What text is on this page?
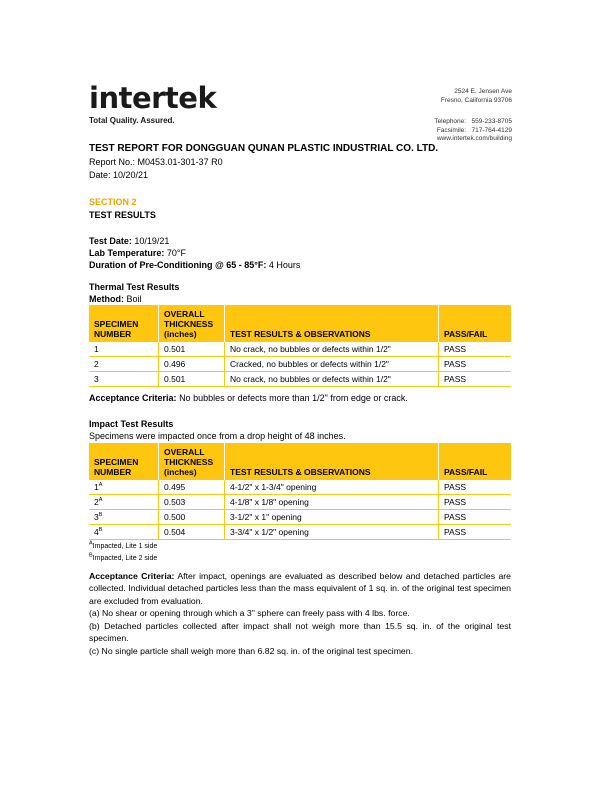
intertek
Total Quality. Assured.
2524 E. Jensen Ave
Fresno, California 93706
Telephone: 559-233-8705
Facsimile: 717-764-4129
www.intertek.com/building
TEST REPORT FOR DONGGUAN QUNAN PLASTIC INDUSTRIAL CO. LTD.
Report No.: M0453.01-301-37 R0
Date: 10/20/21
SECTION 2
TEST RESULTS
Test Date: 10/19/21
Lab Temperature: 70°F
Duration of Pre-Conditioning @ 65 - 85°F: 4 Hours
Thermal Test Results
Method: Boil
SPECIMEN NUMBER	OVERALL THICKNESS (inches)	TEST RESULTS & OBSERVATIONS	PASS/FAIL
1	0.501	No crack, no bubbles or defects within 1/2"	PASS
2	0.496	Cracked, no bubbles or defects within 1/2"	PASS
3	0.501	No crack, no bubbles or defects within 1/2"	PASS
Acceptance Criteria: No bubbles or defects more than 1/2" from edge or crack.
Impact Test Results
Specimens were impacted once from a drop height of 48 inches.
SPECIMEN NUMBER	OVERALL THICKNESS (inches)	TEST RESULTS & OBSERVATIONS	PASS/FAIL
$1^A$	0.495	4-1/2" x 1-3/4" opening	PASS
$2^A$	0.503	4-1/8" x 1/8" opening	PASS
$3^B$	0.500	3-1/2" x 1" opening	PASS
$4^B$	0.504	3-3/4" x 1/2" opening	PASS
$^A$Impacted, Lite 1 side
$^B$Impacted, Lite 2 side
Acceptance Criteria: After impact, openings are evaluated as described below and detached particles are collected. Individual detached particles less than the mass equivalent of 1 sq. in. of the original test specimen are excluded from evaluation.
(a) No shear or opening through which a 3" sphere can freely pass with 4 lbs. force.
(b) Detached particles collected after impact shall not weigh more than 15.5 sq. in. of the original test specimen.
(c) No single particle shall weigh more than 6.82 sq. in. of the original test specimen.
